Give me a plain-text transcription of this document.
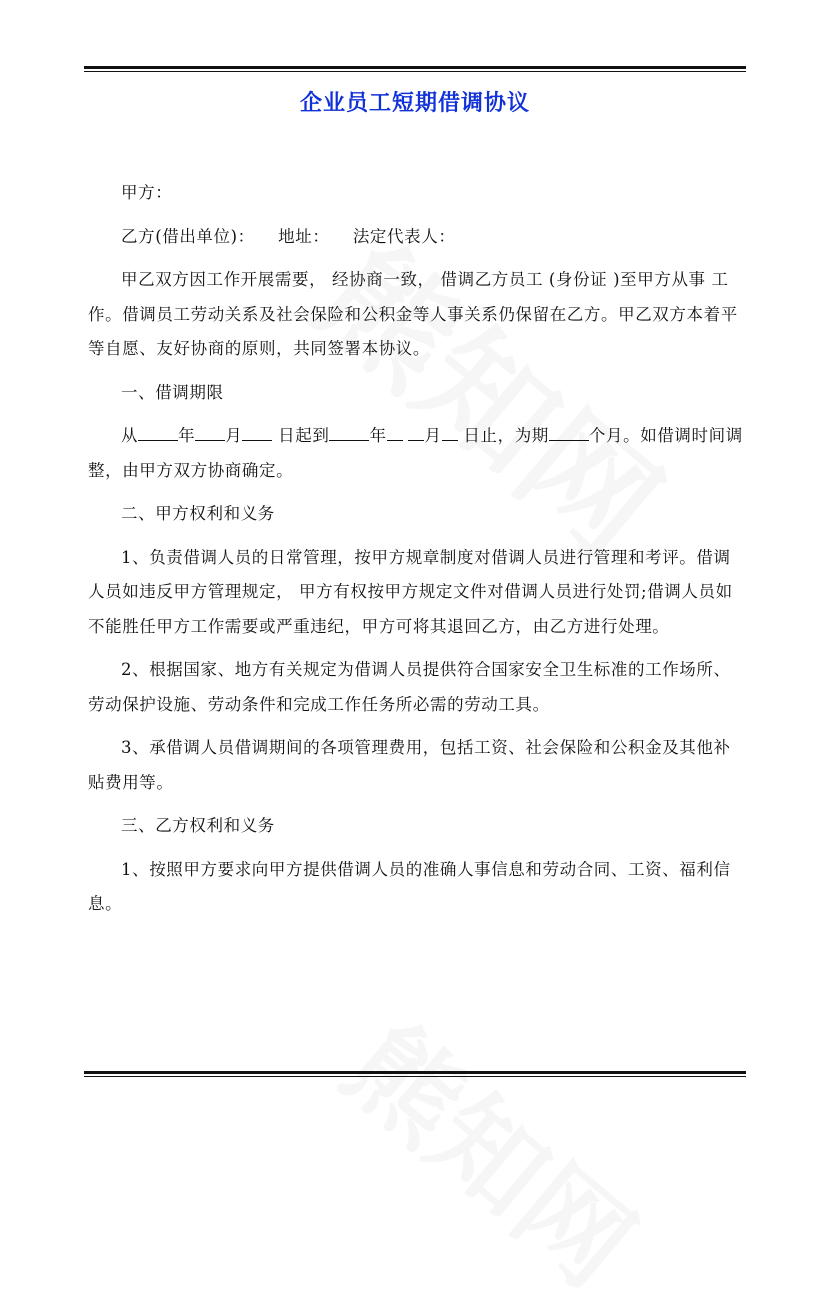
企业员工短期借调协议

甲方：

乙方(借出单位)：    地址：    法定代表人：

甲乙双方因工作开展需要， 经协商一致， 借调乙方员工 (身份证 )至甲方从事 工作。借调员工劳动关系及社会保险和公积金等人事关系仍保留在乙方。甲乙双方本着平等自愿、友好协商的原则，共同签署本协议。

一、借调期限

从 年 月 日起到 年 月 日止，为期 个月。如借调时间调整，由甲方双方协商确定。

二、甲方权利和义务

1、负责借调人员的日常管理，按甲方规章制度对借调人员进行管理和考评。借调人员如违反甲方管理规定， 甲方有权按甲方规定文件对借调人员进行处罚;借调人员如不能胜任甲方工作需要或严重违纪，甲方可将其退回乙方，由乙方进行处理。

2、根据国家、地方有关规定为借调人员提供符合国家安全卫生标准的工作场所、劳动保护设施、劳动条件和完成工作任务所必需的劳动工具。

3、承借调人员借调期间的各项管理费用，包括工资、社会保险和公积金及其他补贴费用等。

三、乙方权利和义务

1、按照甲方要求向甲方提供借调人员的准确人事信息和劳动合同、工资、福利信息。
